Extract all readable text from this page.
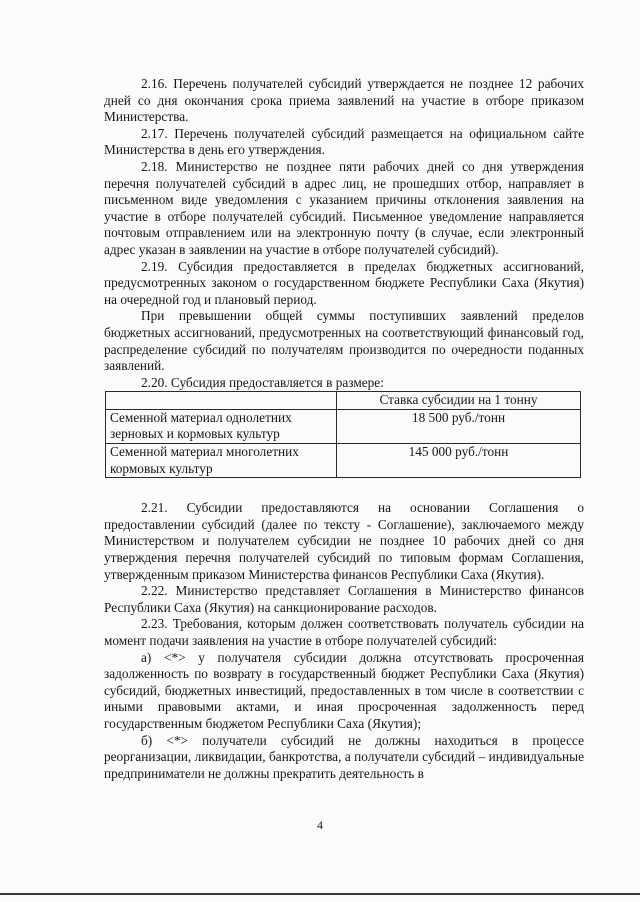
2.16. Перечень получателей субсидий утверждается не позднее 12 рабочих дней со дня окончания срока приема заявлений на участие в отборе приказом Министерства.

2.17. Перечень получателей субсидий размещается на официальном сайте Министерства в день его утверждения.

2.18. Министерство не позднее пяти рабочих дней со дня утверждения перечня получателей субсидий в адрес лиц, не прошедших отбор, направляет в письменном виде уведомления с указанием причины отклонения заявления на участие в отборе получателей субсидий. Письменное уведомление направляется почтовым отправлением или на электронную почту (в случае, если электронный адрес указан в заявлении на участие в отборе получателей субсидий).

2.19. Субсидия предоставляется в пределах бюджетных ассигнований, предусмотренных законом о государственном бюджете Республики Саха (Якутия) на очередной год и плановый период.

При превышении общей суммы поступивших заявлений пределов бюджетных ассигнований, предусмотренных на соответствующий финансовый год, распределение субсидий по получателям производится по очередности поданных заявлений.

2.20. Субсидия предоставляется в размере:

	Ставка субсидии на 1 тонну
Семенной материал однолетних зерновых и кормовых культур	18 500 руб./тонн
Семенной материал многолетних кормовых культур	145 000 руб./тонн

2.21. Субсидии предоставляются на основании Соглашения о предоставлении субсидий (далее по тексту - Соглашение), заключаемого между Министерством и получателем субсидии не позднее 10 рабочих дней со дня утверждения перечня получателей субсидий по типовым формам Соглашения, утвержденным приказом Министерства финансов Республики Саха (Якутия).

2.22. Министерство представляет Соглашения в Министерство финансов Республики Саха (Якутия) на санкционирование расходов.

2.23. Требования, которым должен соответствовать получатель субсидии на момент подачи заявления на участие в отборе получателей субсидий:

а) <*> у получателя субсидии должна отсутствовать просроченная задолженность по возврату в государственный бюджет Республики Саха (Якутия) субсидий, бюджетных инвестиций, предоставленных в том числе в соответствии с иными правовыми актами, и иная просроченная задолженность перед государственным бюджетом Республики Саха (Якутия);

б) <*> получатели субсидий не должны находиться в процессе реорганизации, ликвидации, банкротства, а получатели субсидий – индивидуальные предприниматели не должны прекратить деятельность в

4
